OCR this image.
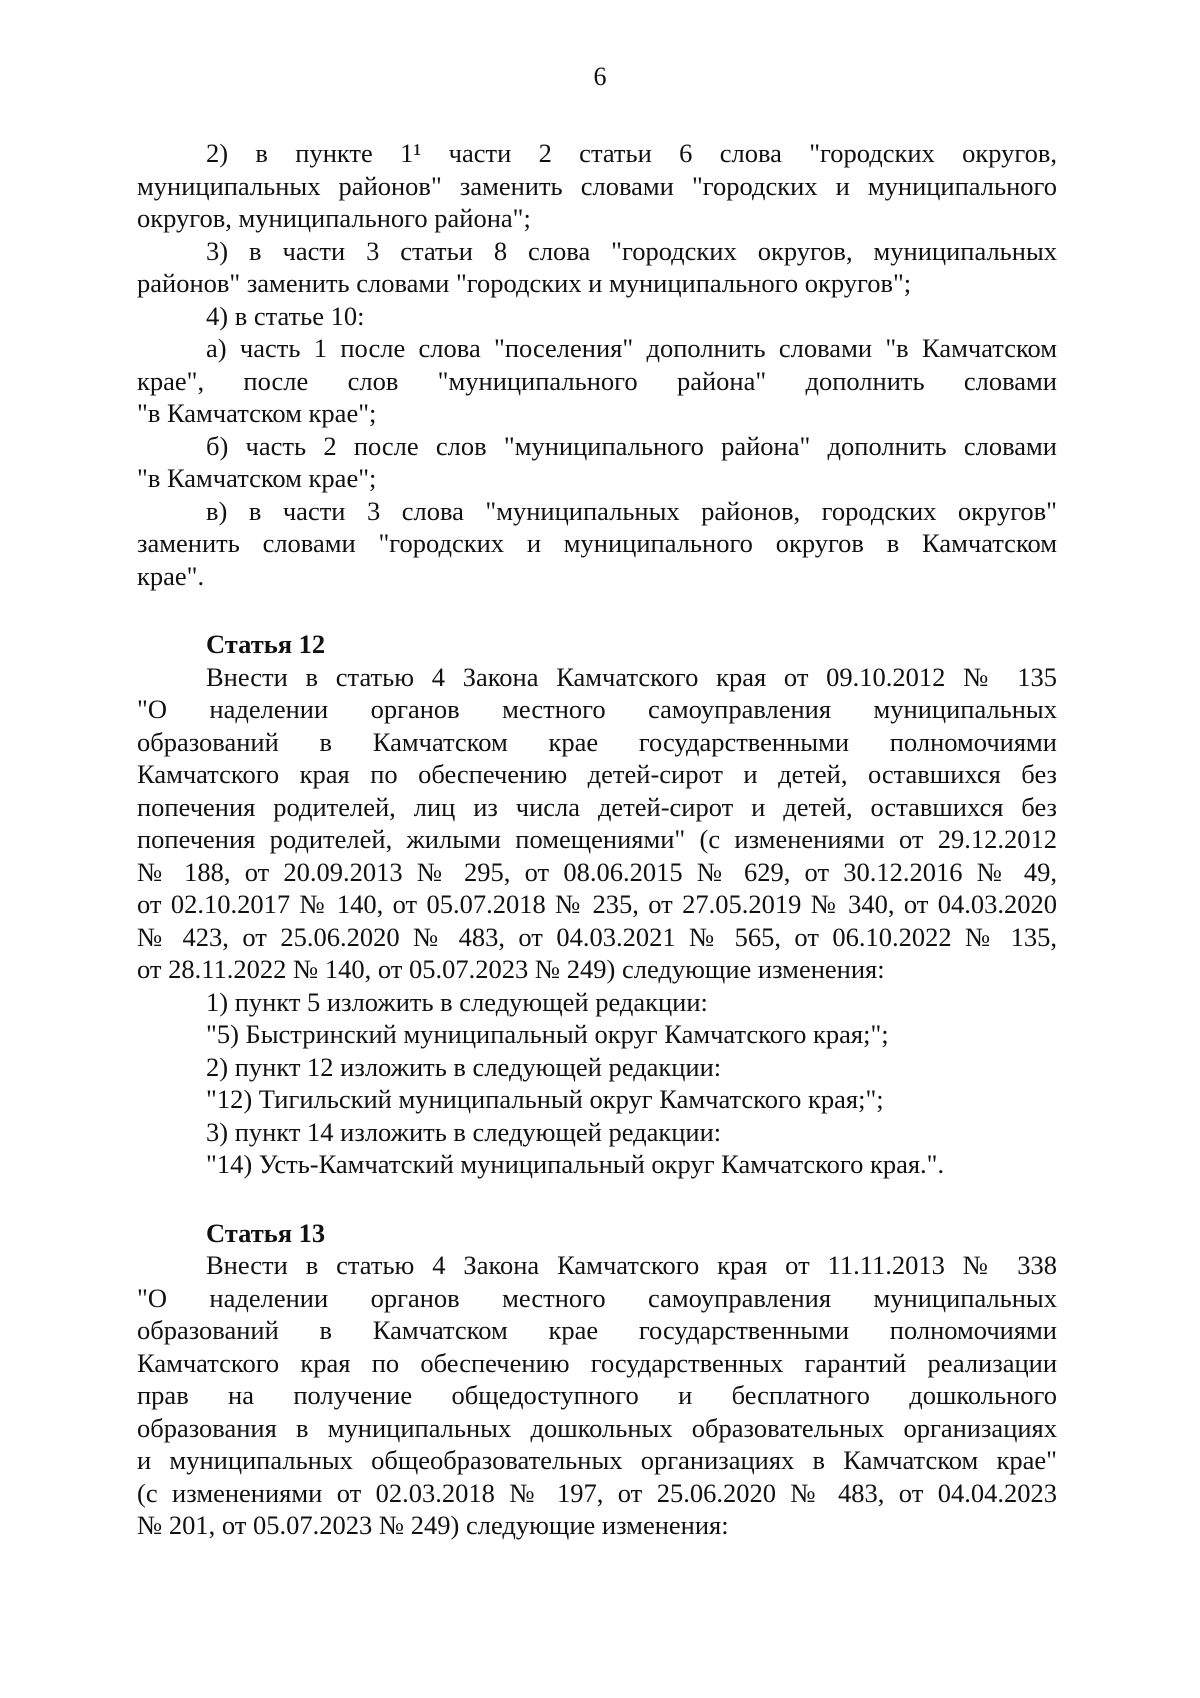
6
2) в пункте 1¹ части 2 статьи 6 слова "городских округов,
муниципальных районов" заменить словами "городских и муниципального
округов, муниципального района";
3) в части 3 статьи 8 слова "городских округов, муниципальных
районов" заменить словами "городских и муниципального округов";
4) в статье 10:
а) часть 1 после слова "поселения" дополнить словами "в Камчатском
крае", после слов "муниципального района" дополнить словами
"в Камчатском крае";
б) часть 2 после слов "муниципального района" дополнить словами
"в Камчатском крае";
в) в части 3 слова "муниципальных районов, городских округов"
заменить словами "городских и муниципального округов в Камчатском
крае".
Статья 12
Внести в статью 4 Закона Камчатского края от 09.10.2012 № 135
"О наделении органов местного самоуправления муниципальных
образований в Камчатском крае государственными полномочиями
Камчатского края по обеспечению детей-сирот и детей, оставшихся без
попечения родителей, лиц из числа детей-сирот и детей, оставшихся без
попечения родителей, жилыми помещениями" (с изменениями от 29.12.2012
№ 188, от 20.09.2013 № 295, от 08.06.2015 № 629, от 30.12.2016 № 49,
от 02.10.2017 № 140, от 05.07.2018 № 235, от 27.05.2019 № 340, от 04.03.2020
№ 423, от 25.06.2020 № 483, от 04.03.2021 № 565, от 06.10.2022 № 135,
от 28.11.2022 № 140, от 05.07.2023 № 249) следующие изменения:
1) пункт 5 изложить в следующей редакции:
"5) Быстринский муниципальный округ Камчатского края;";
2) пункт 12 изложить в следующей редакции:
"12) Тигильский муниципальный округ Камчатского края;";
3) пункт 14 изложить в следующей редакции:
"14) Усть-Камчатский муниципальный округ Камчатского края.".
Статья 13
Внести в статью 4 Закона Камчатского края от 11.11.2013 № 338
"О наделении органов местного самоуправления муниципальных
образований в Камчатском крае государственными полномочиями
Камчатского края по обеспечению государственных гарантий реализации
прав на получение общедоступного и бесплатного дошкольного
образования в муниципальных дошкольных образовательных организациях
и муниципальных общеобразовательных организациях в Камчатском крае"
(с изменениями от 02.03.2018 № 197, от 25.06.2020 № 483, от 04.04.2023
№ 201, от 05.07.2023 № 249) следующие изменения:
